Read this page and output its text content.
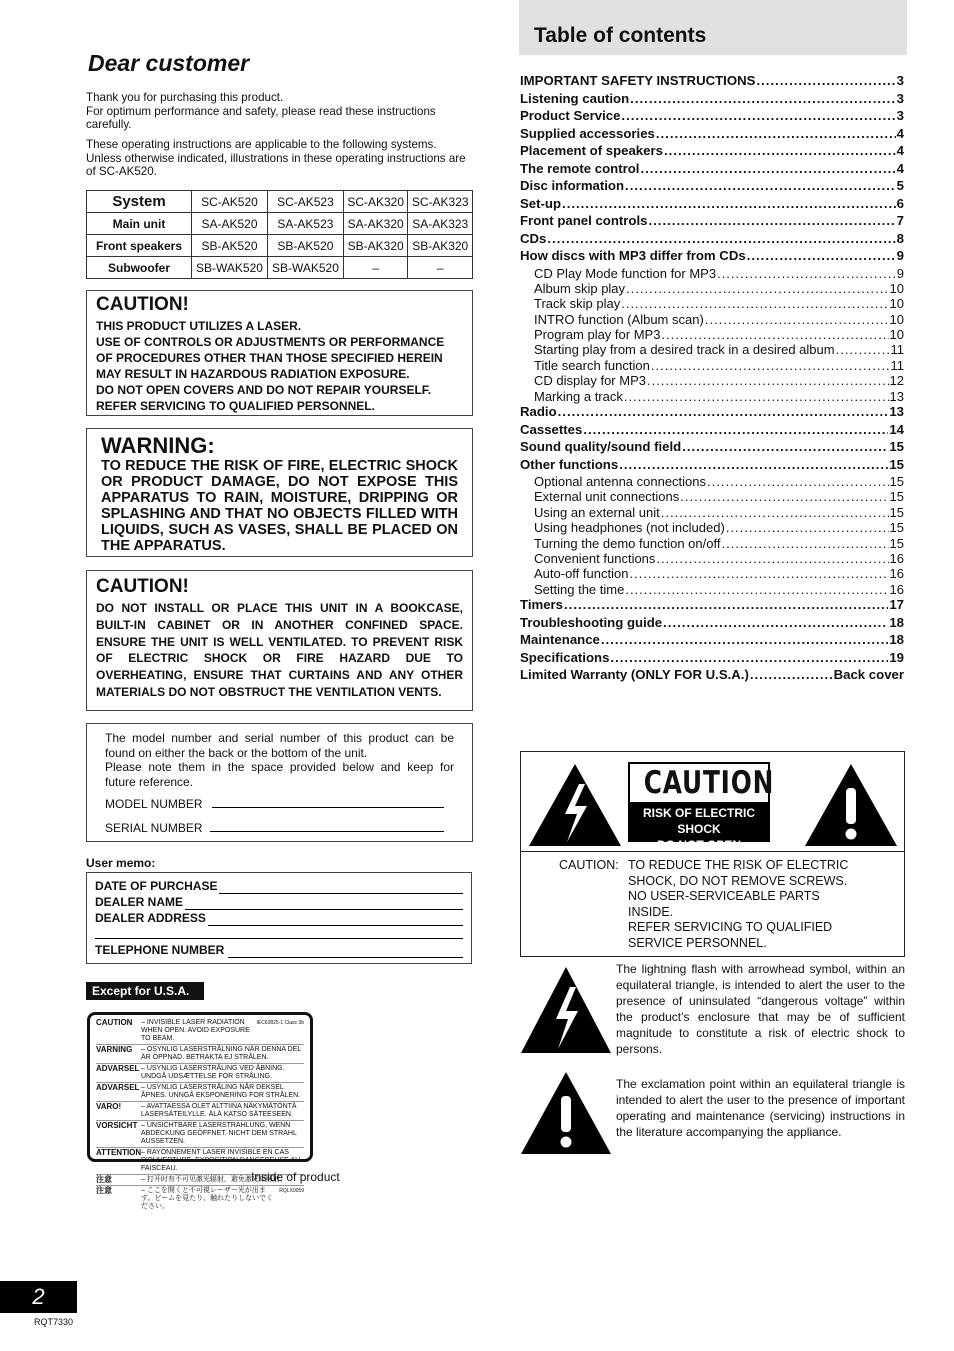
Dear customer

Thank you for purchasing this product.
For optimum performance and safety, please read these instructions carefully.

These operating instructions are applicable to the following systems.
Unless otherwise indicated, illustrations in these operating instructions are of SC-AK520.

System	SC-AK520	SC-AK523	SC-AK320	SC-AK323
Main unit	SA-AK520	SA-AK523	SA-AK320	SA-AK323
Front speakers	SB-AK520	SB-AK520	SB-AK320	SB-AK320
Subwoofer	SB-WAK520	SB-WAK520	–	–
CAUTION!
THIS PRODUCT UTILIZES A LASER.
USE OF CONTROLS OR ADJUSTMENTS OR PERFORMANCE OF PROCEDURES OTHER THAN THOSE SPECIFIED HEREIN MAY RESULT IN HAZARDOUS RADIATION EXPOSURE.
DO NOT OPEN COVERS AND DO NOT REPAIR YOURSELF. REFER SERVICING TO QUALIFIED PERSONNEL.
WARNING:
TO REDUCE THE RISK OF FIRE, ELECTRIC SHOCK OR PRODUCT DAMAGE, DO NOT EXPOSE THIS APPARATUS TO RAIN, MOISTURE, DRIPPING OR SPLASHING AND THAT NO OBJECTS FILLED WITH LIQUIDS, SUCH AS VASES, SHALL BE PLACED ON THE APPARATUS.
CAUTION!
DO NOT INSTALL OR PLACE THIS UNIT IN A BOOKCASE, BUILT-IN CABINET OR IN ANOTHER CONFINED SPACE. ENSURE THE UNIT IS WELL VENTILATED. TO PREVENT RISK OF ELECTRIC SHOCK OR FIRE HAZARD DUE TO OVERHEATING, ENSURE THAT CURTAINS AND ANY OTHER MATERIALS DO NOT OBSTRUCT THE VENTILATION VENTS.
The model number and serial number of this product can be found on either the back or the bottom of the unit.
Please note them in the space provided below and keep for future reference.
MODEL NUMBER
SERIAL NUMBER
User memo:
DATE OF PURCHASE
DEALER NAME
DEALER ADDRESS
TELEPHONE NUMBER
Except for U.S.A.
CAUTION	– INVISIBLE LASER RADIATION WHEN OPEN. AVOID EXPOSURE TO BEAM.
IEC60825-1 Class 3b
VARNING	– OSYNLIG LASERSTRÅLNING NÄR DENNA DEL ÄR ÖPPNAD. BETRAKTA EJ STRÅLEN.
ADVARSEL – USYNLIG LASERSTRÅLING VED ÅBNING. UNDGÅ UDSÆTTELSE FOR STRÅLING.
ADVARSEL – USYNLIG LASERSTRÅLING NÅR DEKSEL ÅPNES. UNNGÅ EKSPONERING FOR STRÅLEN.
VARO!	– AVATTAESSA OLET ALTTIINA NÄKYMÄTÖNTÄ LASERSÄTEILYLLE. ÄLÄ KATSO SÄTEESEEN.
VORSICHT – UNSICHTBARE LASERSTRAHLUNG, WENN ABDECKUNG GEÖFFNET. NICHT DEM STRAHL AUSSETZEN.
ATTENTION – RAYONNEMENT LASER INVISIBLE EN CAS D'OUVERTURE. EXPOSITION DANGEREUSE AU FAISCEAU.
注意	– 打开时有不可见激光辐射，避免激光束照射。
注意	– ここを開くと不可視レーザー光が出ます。ビームを見たり、触れたりしないでください。
RQLX0059
Inside of product
Table of contents
IMPORTANT SAFETY INSTRUCTIONS .....	3
Listening caution .....	3
Product Service .....	3
Supplied accessories .....	4
Placement of speakers .....	4
The remote control .....	4
Disc information .....	5
Set-up .....	6
Front panel controls .....	7
CDs .....	8
How discs with MP3 differ from CDs .....	9
CD Play Mode function for MP3 .....	9
Album skip play .....	10
Track skip play .....	10
INTRO function (Album scan) .....	10
Program play for MP3 .....	10
Starting play from a desired track in a desired album .....	11
Title search function .....	11
CD display for MP3 .....	12
Marking a track .....	13
Radio .....	13
Cassettes .....	14
Sound quality/sound field .....	15
Other functions .....	15
Optional antenna connections .....	15
External unit connections .....	15
Using an external unit .....	15
Using headphones (not included) .....	15
Turning the demo function on/off .....	15
Convenient functions .....	16
Auto-off function .....	16
Setting the time .....	16
Timers .....	17
Troubleshooting guide .....	18
Maintenance .....	18
Specifications .....	19
Limited Warranty (ONLY FOR U.S.A.) .....	Back cover
CAUTION
RISK OF ELECTRIC SHOCK
DO NOT OPEN
CAUTION: TO REDUCE THE RISK OF ELECTRIC
SHOCK, DO NOT REMOVE SCREWS.
NO USER-SERVICEABLE PARTS
INSIDE.
REFER SERVICING TO QUALIFIED
SERVICE PERSONNEL.
The lightning flash with arrowhead symbol, within an equilateral triangle, is intended to alert the user to the presence of uninsulated “dangerous voltage” within the product’s enclosure that may be of sufficient magnitude to constitute a risk of electric shock to persons.
The exclamation point within an equilateral triangle is intended to alert the user to the presence of important operating and maintenance (servicing) instructions in the literature accompanying the appliance.
2
RQT7330
